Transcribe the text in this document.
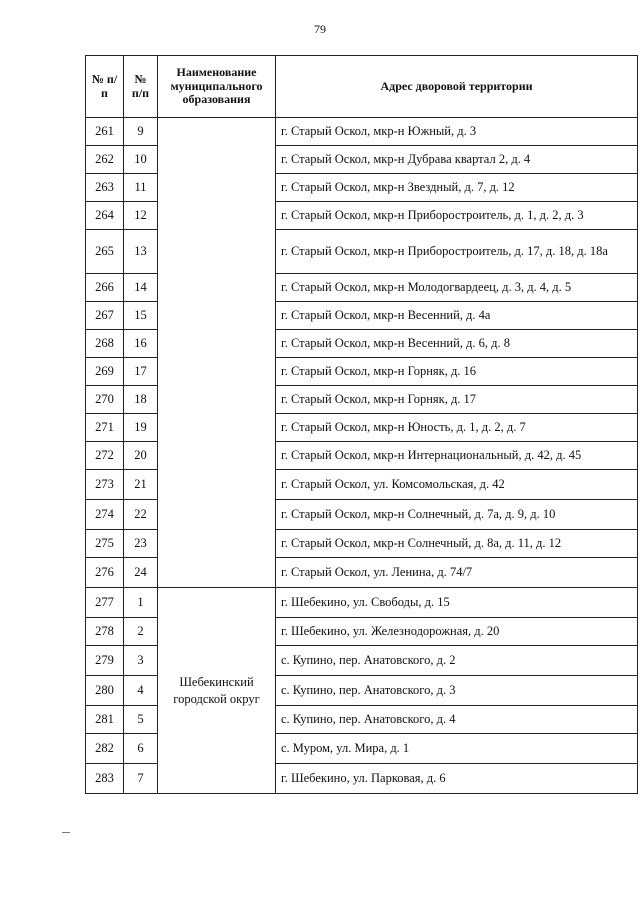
79
№ п/п	№ п/п	Наименование муниципального образования	Адрес дворовой территории
261	9		г. Старый Оскол, мкр-н Южный, д. 3
262	10		г. Старый Оскол, мкр-н Дубрава квартал 2, д. 4
263	11		г. Старый Оскол, мкр-н Звездный, д. 7, д. 12
264	12		г. Старый Оскол, мкр-н Приборостроитель, д. 1, д. 2, д. 3
265	13		г. Старый Оскол, мкр-н Приборостроитель, д. 17, д. 18, д. 18а
266	14		г. Старый Оскол, мкр-н Молодогвардеец, д. 3, д. 4, д. 5
267	15		г. Старый Оскол, мкр-н Весенний, д. 4а
268	16		г. Старый Оскол, мкр-н Весенний, д. 6, д. 8
269	17		г. Старый Оскол, мкр-н Горняк, д. 16
270	18		г. Старый Оскол, мкр-н Горняк, д. 17
271	19		г. Старый Оскол, мкр-н Юность, д. 1, д. 2, д. 7
272	20		г. Старый Оскол, мкр-н Интернациональный, д. 42, д. 45
273	21		г. Старый Оскол, ул. Комсомольская, д. 42
274	22		г. Старый Оскол, мкр-н Солнечный, д. 7а, д. 9, д. 10
275	23		г. Старый Оскол, мкр-н Солнечный, д. 8а, д. 11, д. 12
276	24		г. Старый Оскол, ул. Ленина, д. 74/7
277	1	Шебекинский городской округ	г. Шебекино, ул. Свободы, д. 15
278	2		г. Шебекино, ул. Железнодорожная, д. 20
279	3		с. Купино, пер. Анатовского, д. 2
280	4		с. Купино, пер. Анатовского, д. 3
281	5		с. Купино, пер. Анатовского, д. 4
282	6		с. Муром, ул. Мира, д. 1
283	7		г. Шебекино, ул. Парковая, д. 6
